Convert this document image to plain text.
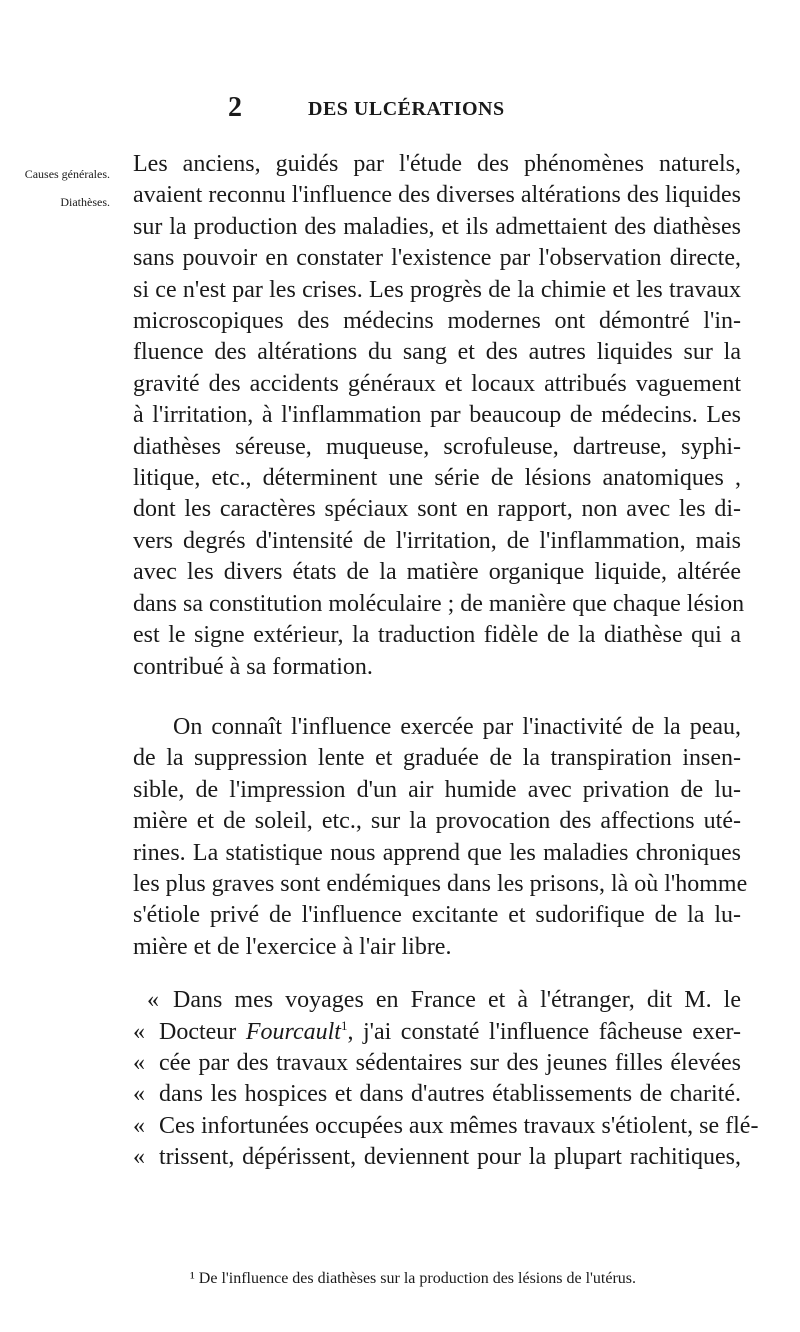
2	DES ULCÉRATIONS
Causes générales.
Diathèses.
Les anciens, guidés par l'étude des phénomènes naturels,
avaient reconnu l'influence des diverses altérations des liquides
sur la production des maladies, et ils admettaient des diathèses
sans pouvoir en constater l'existence par l'observation directe,
si ce n'est par les crises. Les progrès de la chimie et les travaux
microscopiques des médecins modernes ont démontré l'in-
fluence des altérations du sang et des autres liquides sur la
gravité des accidents généraux et locaux attribués vaguement
à l'irritation, à l'inflammation par beaucoup de médecins. Les
diathèses séreuse, muqueuse, scrofuleuse, dartreuse, syphi-
litique, etc., déterminent une série de lésions anatomiques ,
dont les caractères spéciaux sont en rapport, non avec les di-
vers degrés d'intensité de l'irritation, de l'inflammation, mais
avec les divers états de la matière organique liquide, altérée
dans sa constitution moléculaire ; de manière que chaque lésion
est le signe extérieur, la traduction fidèle de la diathèse qui a
contribué à sa formation.
On connaît l'influence exercée par l'inactivité de la peau,
de la suppression lente et graduée de la transpiration insen-
sible, de l'impression d'un air humide avec privation de lu-
mière et de soleil, etc., sur la provocation des affections uté-
rines. La statistique nous apprend que les maladies chroniques
les plus graves sont endémiques dans les prisons, là où l'homme
s'étiole privé de l'influence excitante et sudorifique de la lu-
mière et de l'exercice à l'air libre.
« Dans mes voyages en France et à l'étranger, dit M. le
« Docteur Fourcault$^1$, j'ai constaté l'influence fâcheuse exer-
« cée par des travaux sédentaires sur des jeunes filles élevées
« dans les hospices et dans d'autres établissements de charité.
« Ces infortunées occupées aux mêmes travaux s'étiolent, se flé-
« trissent, dépérissent, deviennent pour la plupart rachitiques,
¹ De l'influence des diathèses sur la production des lésions de l'utérus.
